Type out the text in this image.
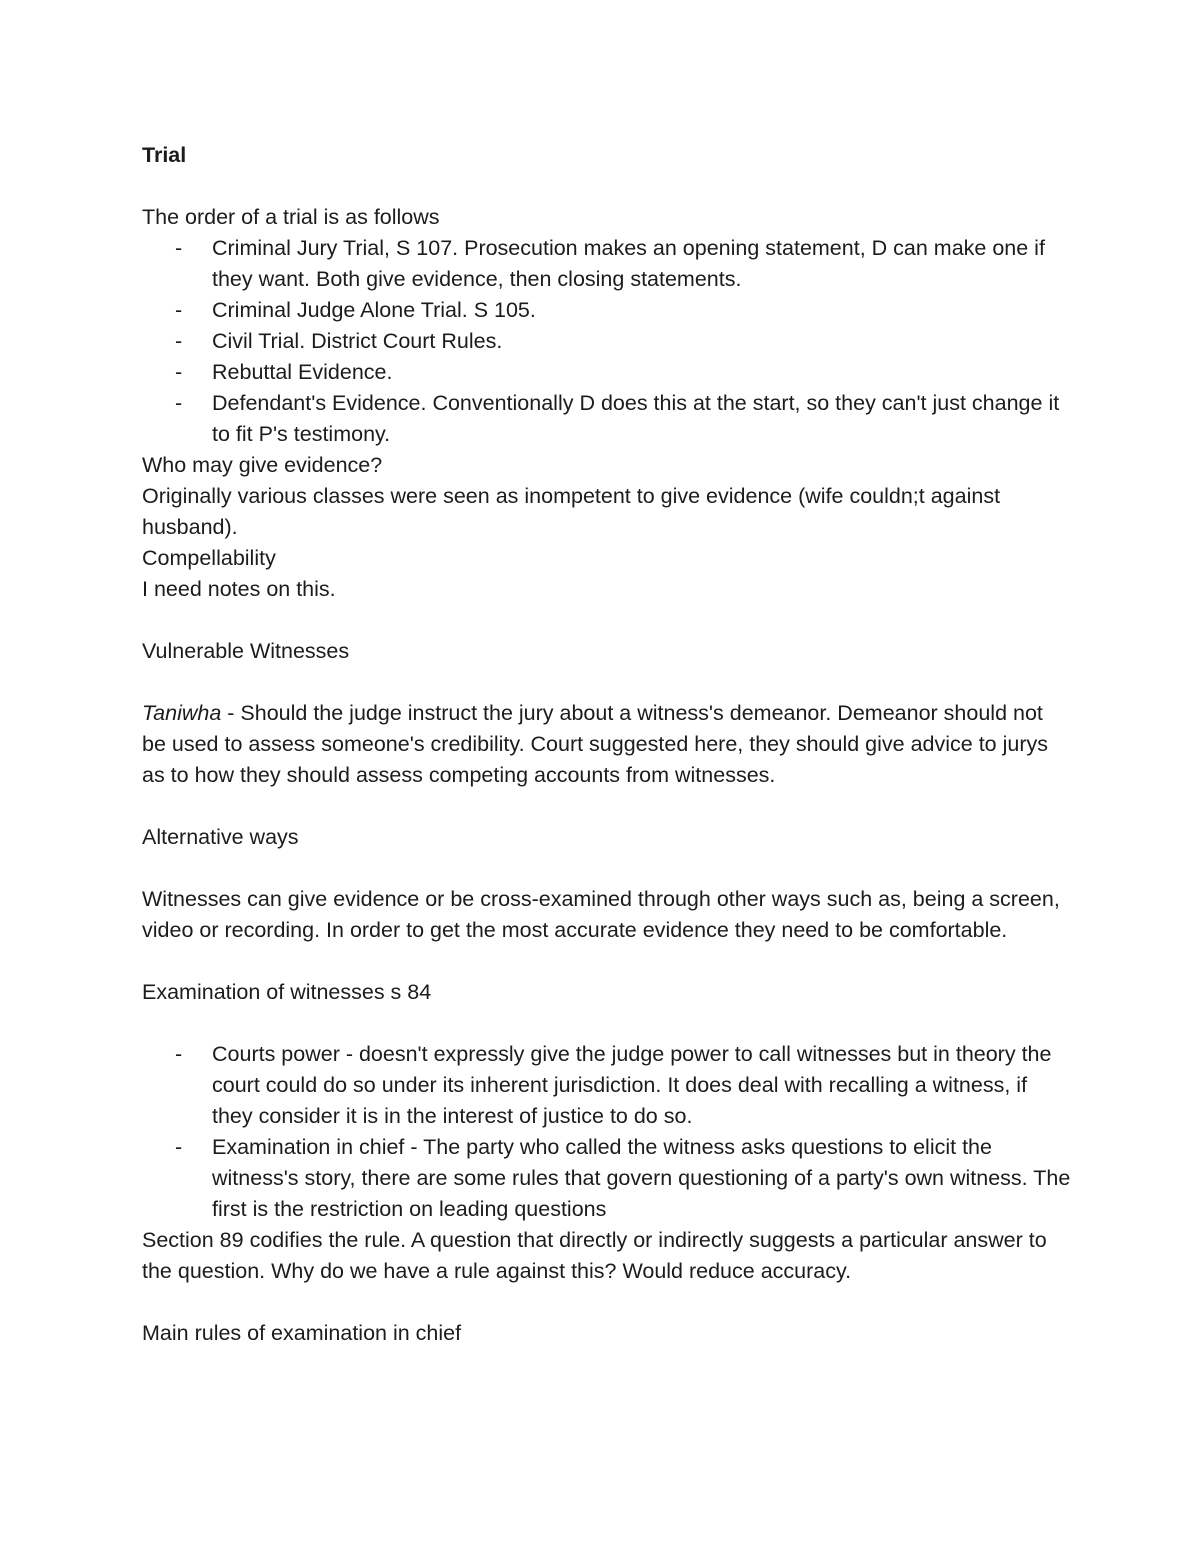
Trial

The order of a trial is as follows

- Criminal Jury Trial, S 107. Prosecution makes an opening statement, D can make one if they want. Both give evidence, then closing statements.
- Criminal Judge Alone Trial. S 105.
- Civil Trial. District Court Rules.
- Rebuttal Evidence.
- Defendant's Evidence. Conventionally D does this at the start, so they can't just change it to fit P's testimony.

Who may give evidence?

Originally various classes were seen as inompetent to give evidence (wife couldn;t against husband).

Compellability

I need notes on this.

Vulnerable Witnesses

Taniwha - Should the judge instruct the jury about a witness's demeanor. Demeanor should not be used to assess someone's credibility. Court suggested here, they should give advice to jurys as to how they should assess competing accounts from witnesses.

Alternative ways

Witnesses can give evidence or be cross-examined through other ways such as, being a screen, video or recording. In order to get the most accurate evidence they need to be comfortable.

Examination of witnesses s 84

- Courts power - doesn't expressly give the judge power to call witnesses but in theory the court could do so under its inherent jurisdiction. It does deal with recalling a witness, if they consider it is in the interest of justice to do so.
- Examination in chief - The party who called the witness asks questions to elicit the witness's story, there are some rules that govern questioning of a party's own witness. The first is the restriction on leading questions

Section 89 codifies the rule. A question that directly or indirectly suggests a particular answer to the question. Why do we have a rule against this? Would reduce accuracy.

Main rules of examination in chief
